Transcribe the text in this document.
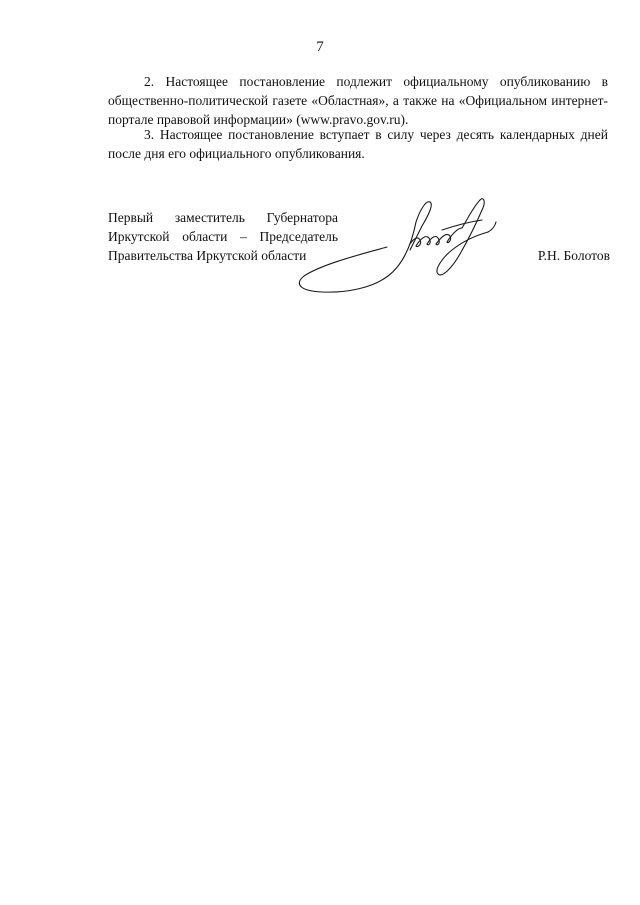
7

2. Настоящее постановление подлежит официальному опубликованию в общественно-политической газете «Областная», а также на «Официальном интернет-портале правовой информации» (www.pravo.gov.ru).

3. Настоящее постановление вступает в силу через десять календарных дней после дня его официального опубликования.

Первый заместитель Губернатора
Иркутской области – Председатель
Правительства Иркутской области	Р.Н. Болотов
